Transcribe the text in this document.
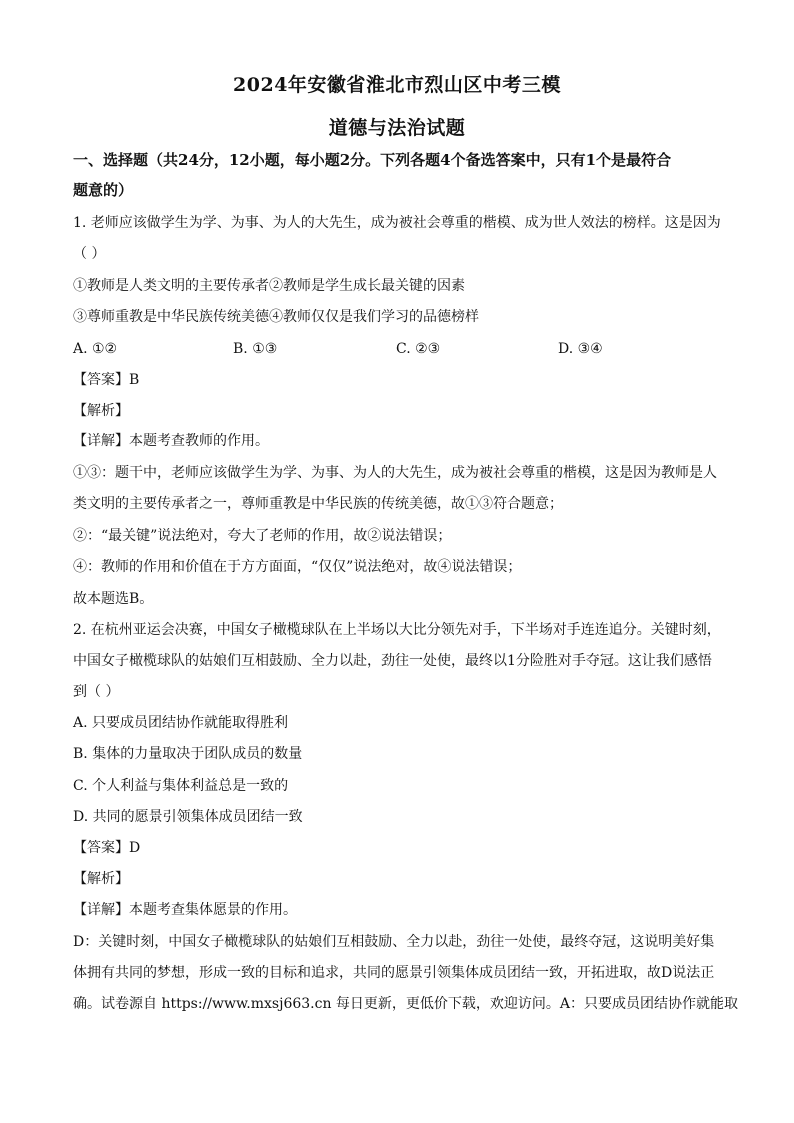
2024年安徽省淮北市烈山区中考三模
道德与法治试题
一、选择题（共24分，12小题，每小题2分。下列各题4个备选答案中，只有1个是最符合
题意的）
1. 老师应该做学生为学、为事、为人的大先生，成为被社会尊重的楷模、成为世人效法的榜样。这是因为
（ ）
①教师是人类文明的主要传承者②教师是学生成长最关键的因素
③尊师重教是中华民族传统美德④教师仅仅是我们学习的品德榜样
A. ①②	B. ①③	C. ②③	D. ③④
【答案】B
【解析】
【详解】本题考查教师的作用。
①③：题干中，老师应该做学生为学、为事、为人的大先生，成为被社会尊重的楷模，这是因为教师是人
类文明的主要传承者之一，尊师重教是中华民族的传统美德，故①③符合题意；
②：“最关键”说法绝对，夸大了老师的作用，故②说法错误；
④：教师的作用和价值在于方方面面，“仅仅”说法绝对，故④说法错误；
故本题选B。
2. 在杭州亚运会决赛，中国女子橄榄球队在上半场以大比分领先对手，下半场对手连连追分。关键时刻，
中国女子橄榄球队的姑娘们互相鼓励、全力以赴，劲往一处使，最终以1分险胜对手夺冠。这让我们感悟
到（ ）
A. 只要成员团结协作就能取得胜利
B. 集体的力量取决于团队成员的数量
C. 个人利益与集体利益总是一致的
D. 共同的愿景引领集体成员团结一致
【答案】D
【解析】
【详解】本题考查集体愿景的作用。
D：关键时刻，中国女子橄榄球队的姑娘们互相鼓励、全力以赴，劲往一处使，最终夺冠，这说明美好集
体拥有共同的梦想，形成一致的目标和追求，共同的愿景引领集体成员团结一致，开拓进取，故D说法正
确。试卷源自 https://www.mxsj663.cn 每日更新，更低价下载，欢迎访问。A：只要成员团结协作就能取
